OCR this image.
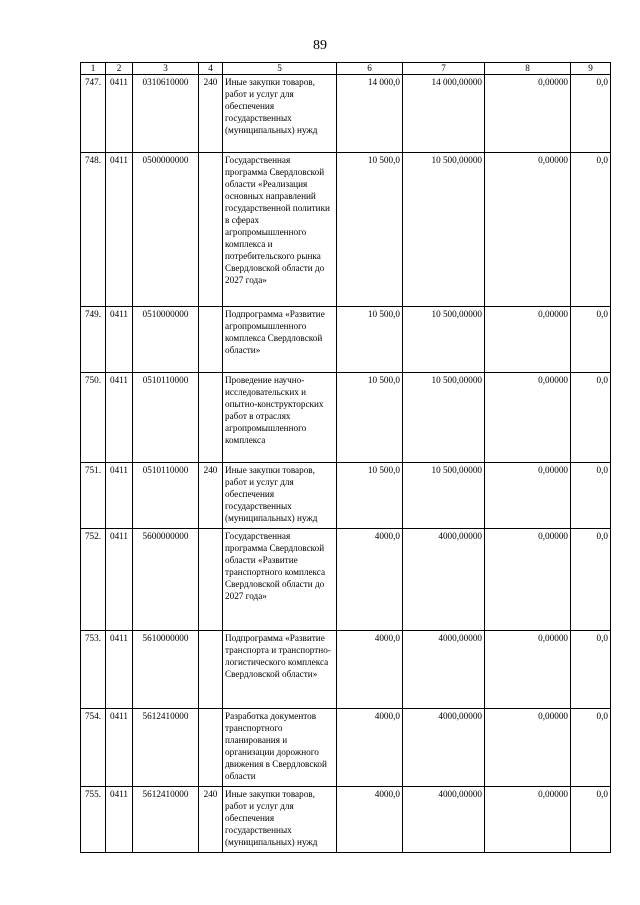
89
1	2	3	4	5	6	7	8	9
747.	0411	0310610000	240	Иные закупки товаров, работ и услуг для обеспечения государственных (муниципальных) нужд	14 000,0	14 000,00000	0,00000	0,0
748.	0411	0500000000		Государственная программа Свердловской области «Реализация основных направлений государственной политики в сферах агропромышленного комплекса и потребительского рынка Свердловской области до 2027 года»	10 500,0	10 500,00000	0,00000	0,0
749.	0411	0510000000		Подпрограмма «Развитие агропромышленного комплекса Свердловской области»	10 500,0	10 500,00000	0,00000	0,0
750.	0411	0510110000		Проведение научно-исследовательских и опытно-конструкторских работ в отраслях агропромышленного комплекса	10 500,0	10 500,00000	0,00000	0,0
751.	0411	0510110000	240	Иные закупки товаров, работ и услуг для обеспечения государственных (муниципальных) нужд	10 500,0	10 500,00000	0,00000	0,0
752.	0411	5600000000		Государственная программа Свердловской области «Развитие транспортного комплекса Свердловской области до 2027 года»	4000,0	4000,00000	0,00000	0,0
753.	0411	5610000000		Подпрограмма «Развитие транспорта и транспортно-логистического комплекса Свердловской области»	4000,0	4000,00000	0,00000	0,0
754.	0411	5612410000		Разработка документов транспортного планирования и организации дорожного движения в Свердловской области	4000,0	4000,00000	0,00000	0,0
755.	0411	5612410000	240	Иные закупки товаров, работ и услуг для обеспечения государственных (муниципальных) нужд	4000,0	4000,00000	0,00000	0,0
